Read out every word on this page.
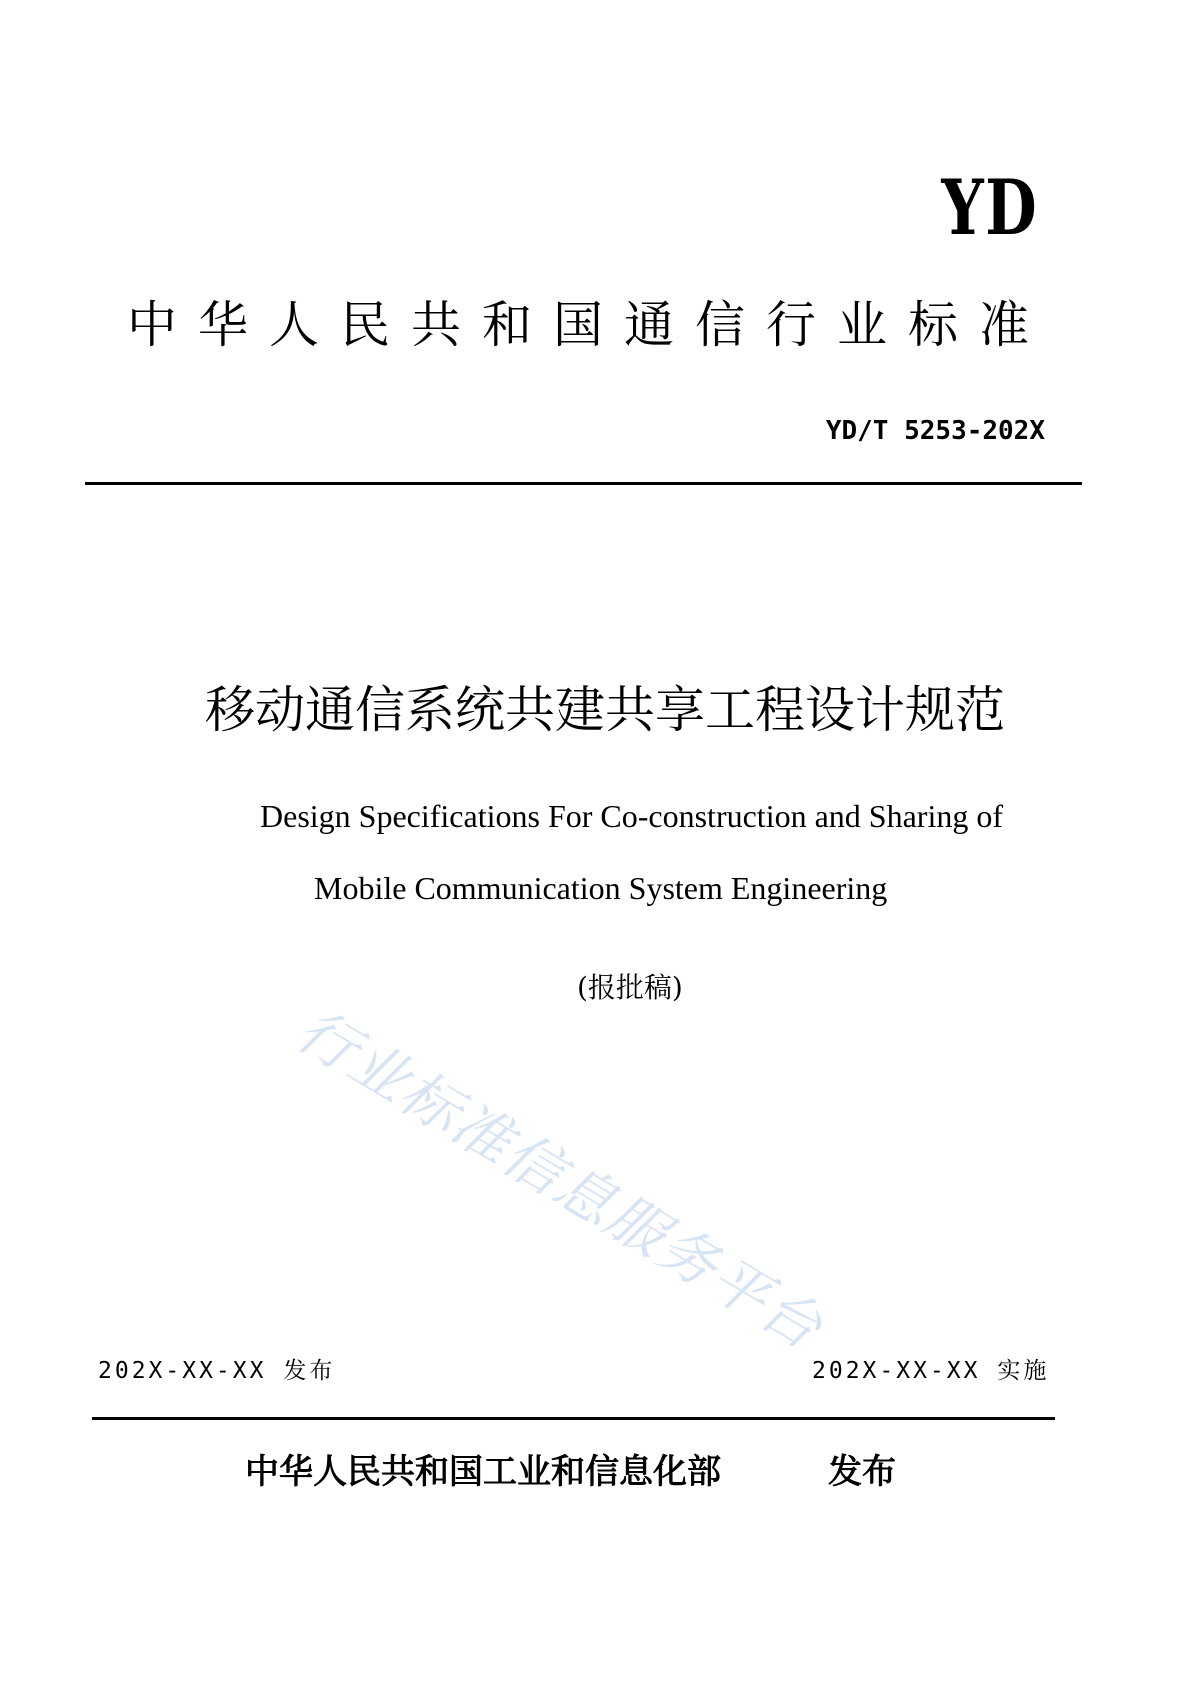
YD
中华人民共和国通信行业标准
YD/T 5253-202X
移动通信系统共建共享工程设计规范
Design Specifications For Co-construction and Sharing of
Mobile Communication System Engineering
(报批稿)
行业标准信息服务平台
202X-XX-XX 发布	202X-XX-XX 实施
中华人民共和国工业和信息化部	发布
